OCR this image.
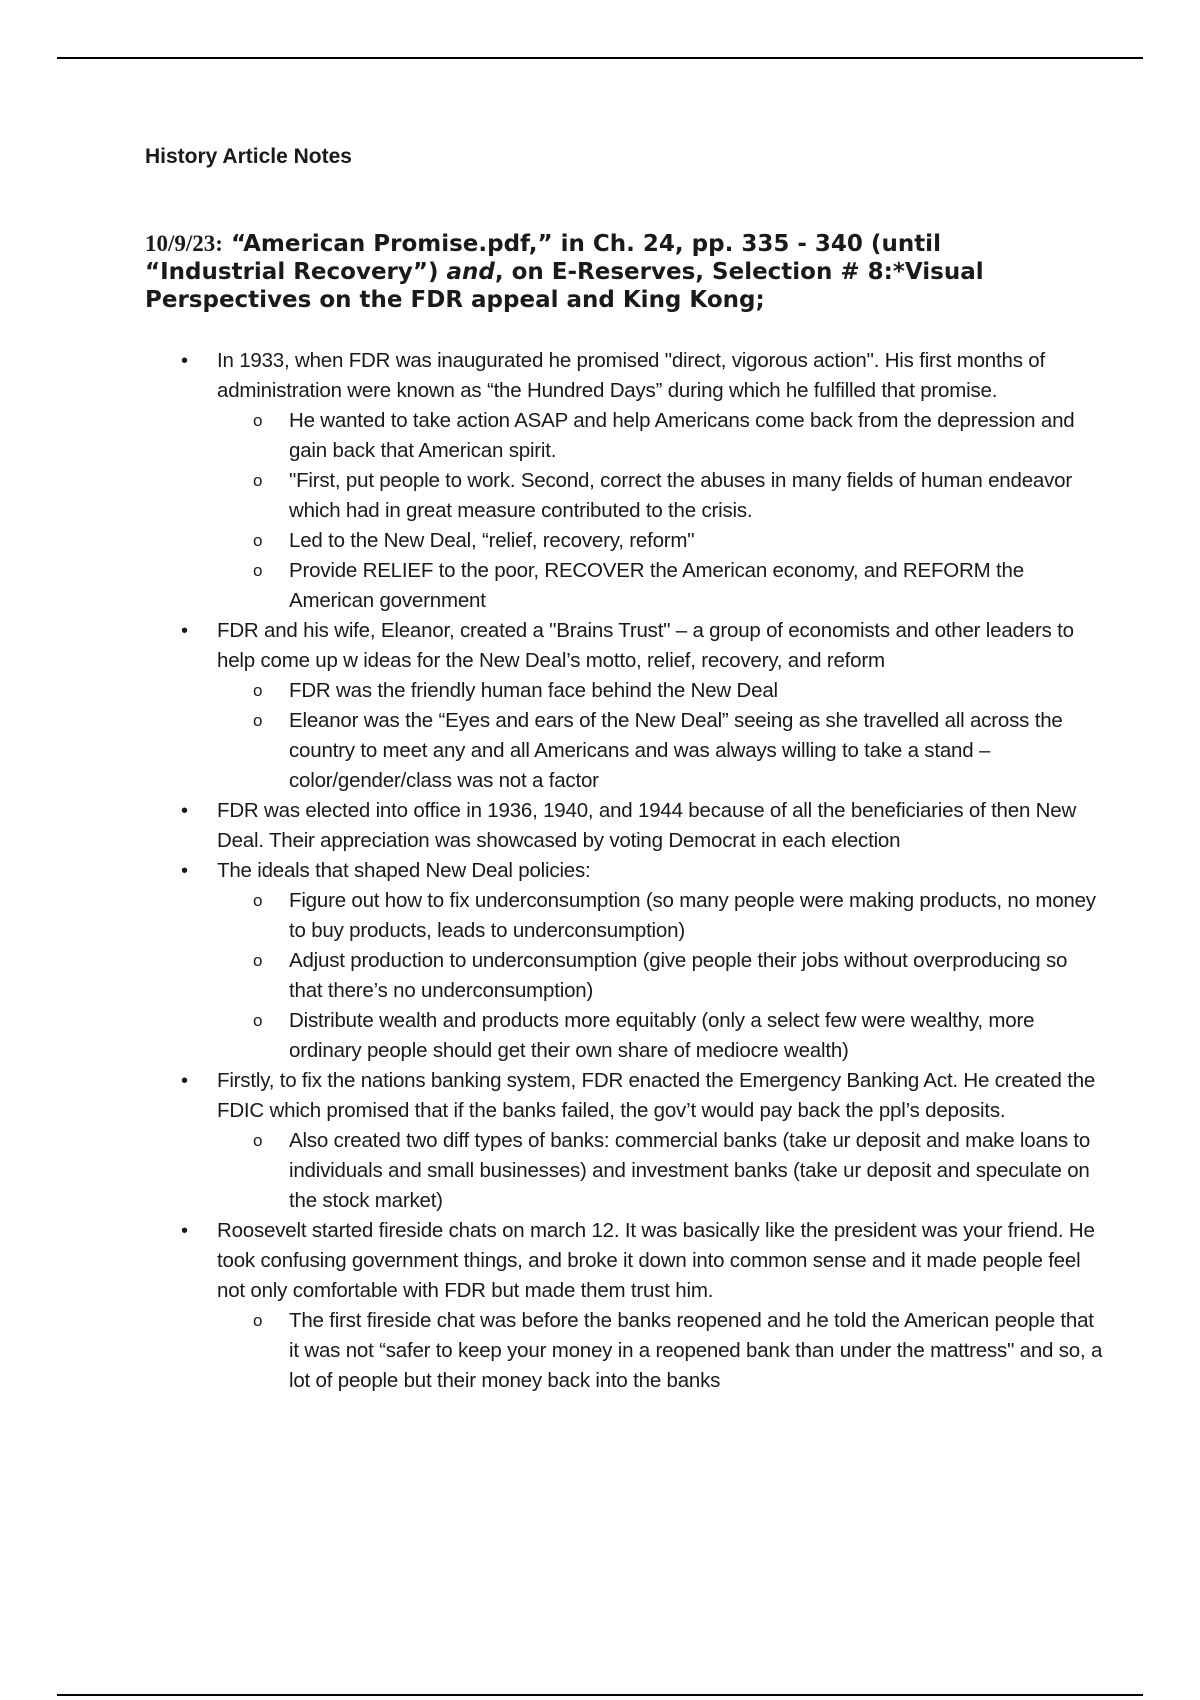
History Article Notes

10/9/23: “American Promise.pdf,” in Ch. 24, pp. 335 - 340 (until “Industrial Recovery”) and, on E-Reserves, Selection # 8:*Visual Perspectives on the FDR appeal and King Kong;

• In 1933, when FDR was inaugurated he promised "direct, vigorous action". His first months of administration were known as “the Hundred Days” during which he fulfilled that promise.
o He wanted to take action ASAP and help Americans come back from the depression and gain back that American spirit.
o "First, put people to work. Second, correct the abuses in many fields of human endeavor which had in great measure contributed to the crisis.
o Led to the New Deal, “relief, recovery, reform"
o Provide RELIEF to the poor, RECOVER the American economy, and REFORM the American government
• FDR and his wife, Eleanor, created a "Brains Trust" – a group of economists and other leaders to help come up w ideas for the New Deal’s motto, relief, recovery, and reform
o FDR was the friendly human face behind the New Deal
o Eleanor was the “Eyes and ears of the New Deal” seeing as she travelled all across the country to meet any and all Americans and was always willing to take a stand – color/gender/class was not a factor
• FDR was elected into office in 1936, 1940, and 1944 because of all the beneficiaries of then New Deal. Their appreciation was showcased by voting Democrat in each election
• The ideals that shaped New Deal policies:
o Figure out how to fix underconsumption (so many people were making products, no money to buy products, leads to underconsumption)
o Adjust production to underconsumption (give people their jobs without overproducing so that there’s no underconsumption)
o Distribute wealth and products more equitably (only a select few were wealthy, more ordinary people should get their own share of mediocre wealth)
• Firstly, to fix the nations banking system, FDR enacted the Emergency Banking Act. He created the FDIC which promised that if the banks failed, the gov’t would pay back the ppl’s deposits.
o Also created two diff types of banks: commercial banks (take ur deposit and make loans to individuals and small businesses) and investment banks (take ur deposit and speculate on the stock market)
• Roosevelt started fireside chats on march 12. It was basically like the president was your friend. He took confusing government things, and broke it down into common sense and it made people feel not only comfortable with FDR but made them trust him.
o The first fireside chat was before the banks reopened and he told the American people that it was not “safer to keep your money in a reopened bank than under the mattress" and so, a lot of people but their money back into the banks
